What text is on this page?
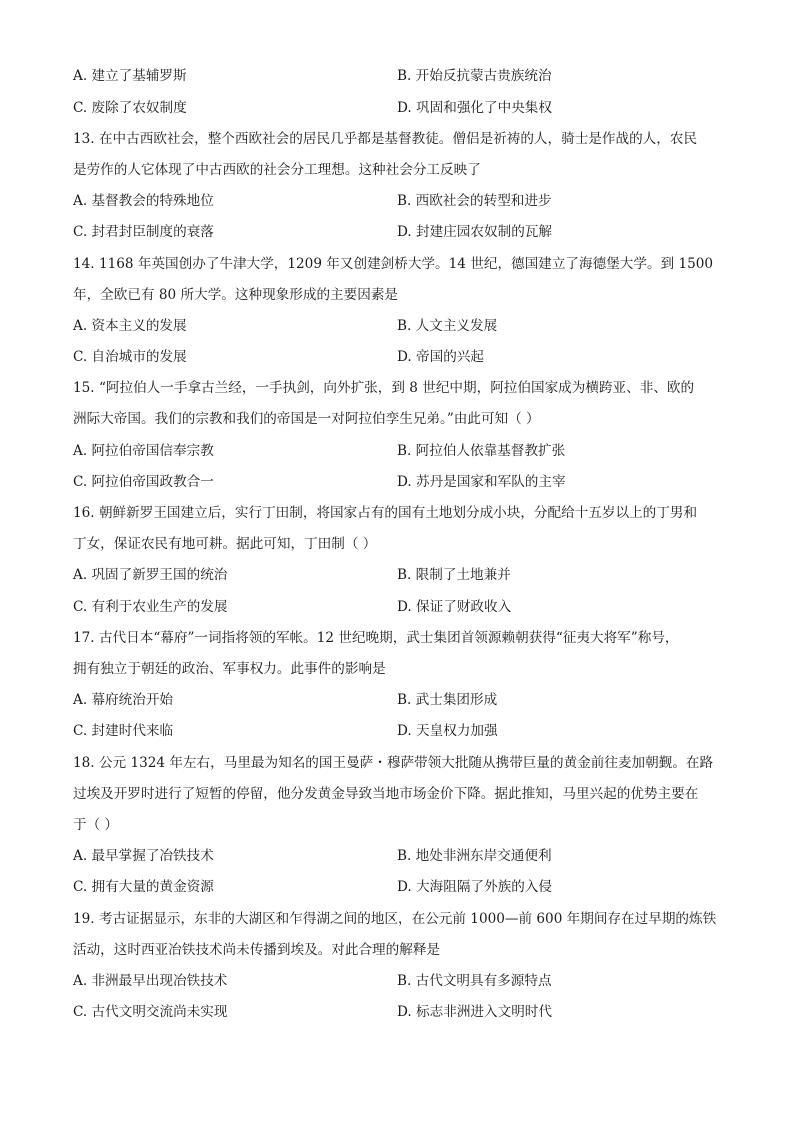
A. 建立了基辅罗斯	B. 开始反抗蒙古贵族统治
C. 废除了农奴制度	D. 巩固和强化了中央集权
13. 在中古西欧社会，整个西欧社会的居民几乎都是基督教徒。僧侣是祈祷的人，骑士是作战的人，农民
是劳作的人它体现了中古西欧的社会分工理想。这种社会分工反映了
A. 基督教会的特殊地位	B. 西欧社会的转型和进步
C. 封君封臣制度的衰落	D. 封建庄园农奴制的瓦解
14. 1168 年英国创办了牛津大学，1209 年又创建剑桥大学。14 世纪，德国建立了海德堡大学。到 1500
年，全欧已有 80 所大学。这种现象形成的主要因素是
A. 资本主义的发展	B. 人文主义发展
C. 自治城市的发展	D. 帝国的兴起
15. “阿拉伯人一手拿古兰经，一手执剑，向外扩张，到 8 世纪中期，阿拉伯国家成为横跨亚、非、欧的
洲际大帝国。我们的宗教和我们的帝国是一对阿拉伯孪生兄弟。”由此可知（ ）
A. 阿拉伯帝国信奉宗教	B. 阿拉伯人依靠基督教扩张
C. 阿拉伯帝国政教合一	D. 苏丹是国家和军队的主宰
16. 朝鲜新罗王国建立后，实行丁田制，将国家占有的国有土地划分成小块，分配给十五岁以上的丁男和
丁女，保证农民有地可耕。据此可知，丁田制（ ）
A. 巩固了新罗王国的统治	B. 限制了土地兼并
C. 有利于农业生产的发展	D. 保证了财政收入
17. 古代日本“幕府”一词指将领的军帐。12 世纪晚期，武士集团首领源赖朝获得“征夷大将军”称号，
拥有独立于朝廷的政治、军事权力。此事件的影响是
A. 幕府统治开始	B. 武士集团形成
C. 封建时代来临	D. 天皇权力加强
18. 公元 1324 年左右，马里最为知名的国王曼萨・穆萨带领大批随从携带巨量的黄金前往麦加朝觐。在路
过埃及开罗时进行了短暂的停留，他分发黄金导致当地市场金价下降。据此推知，马里兴起的优势主要在
于（ ）
A. 最早掌握了冶铁技术	B. 地处非洲东岸交通便利
C. 拥有大量的黄金资源	D. 大海阻隔了外族的入侵
19. 考古证据显示，东非的大湖区和乍得湖之间的地区，在公元前 1000—前 600 年期间存在过早期的炼铁
活动，这时西亚冶铁技术尚未传播到埃及。对此合理的解释是
A. 非洲最早出现冶铁技术	B. 古代文明具有多源特点
C. 古代文明交流尚未实现	D. 标志非洲进入文明时代
